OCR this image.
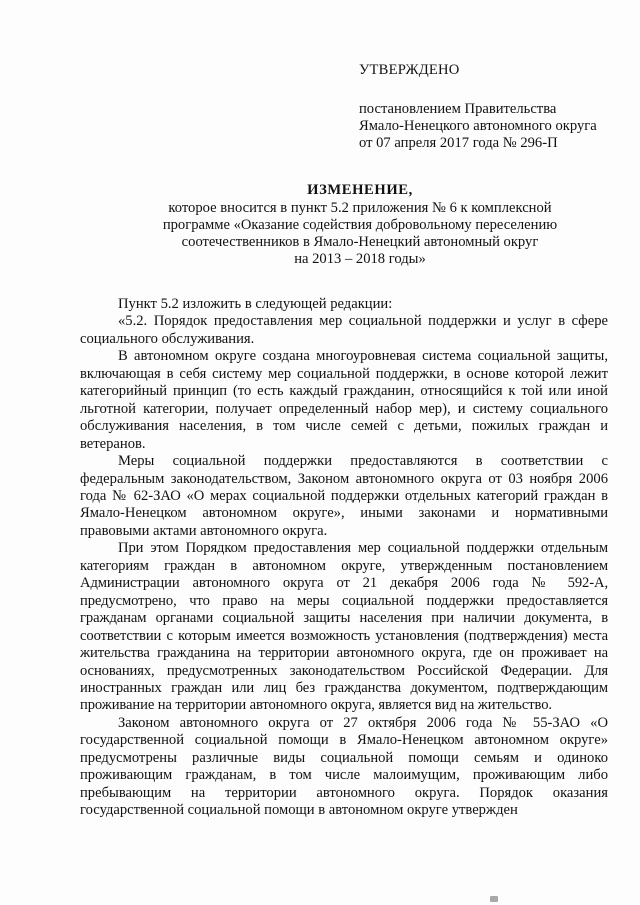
УТВЕРЖДЕНО
постановлением Правительства
Ямало-Ненецкого автономного округа
от 07 апреля 2017 года № 296-П
ИЗМЕНЕНИЕ,
которое вносится в пункт 5.2 приложения № 6 к комплексной
программе «Оказание содействия добровольному переселению
соотечественников в Ямало-Ненецкий автономный округ
на 2013 – 2018 годы»

Пункт 5.2 изложить в следующей редакции:

«5.2. Порядок предоставления мер социальной поддержки и услуг в сфере социального обслуживания.

В автономном округе создана многоуровневая система социальной защиты, включающая в себя систему мер социальной поддержки, в основе которой лежит категорийный принцип (то есть каждый гражданин, относящийся к той или иной льготной категории, получает определенный набор мер), и систему социального обслуживания населения, в том числе семей с детьми, пожилых граждан и ветеранов.

Меры социальной поддержки предоставляются в соответствии с федеральным законодательством, Законом автономного округа от 03 ноября 2006 года № 62-ЗАО «О мерах социальной поддержки отдельных категорий граждан в Ямало-Ненецком автономном округе», иными законами и нормативными правовыми актами автономного округа.

При этом Порядком предоставления мер социальной поддержки отдельным категориям граждан в автономном округе, утвержденным постановлением Администрации автономного округа от 21 декабря 2006 года № 592-А, предусмотрено, что право на меры социальной поддержки предоставляется гражданам органами социальной защиты населения при наличии документа, в соответствии с которым имеется возможность установления (подтверждения) места жительства гражданина на территории автономного округа, где он проживает на основаниях, предусмотренных законодательством Российской Федерации. Для иностранных граждан или лиц без гражданства документом, подтверждающим проживание на территории автономного округа, является вид на жительство.

Законом автономного округа от 27 октября 2006 года № 55-ЗАО «О государственной социальной помощи в Ямало-Ненецком автономном округе» предусмотрены различные виды социальной помощи семьям и одиноко проживающим гражданам, в том числе малоимущим, проживающим либо пребывающим на территории автономного округа. Порядок оказания государственной социальной помощи в автономном округе утвержден
